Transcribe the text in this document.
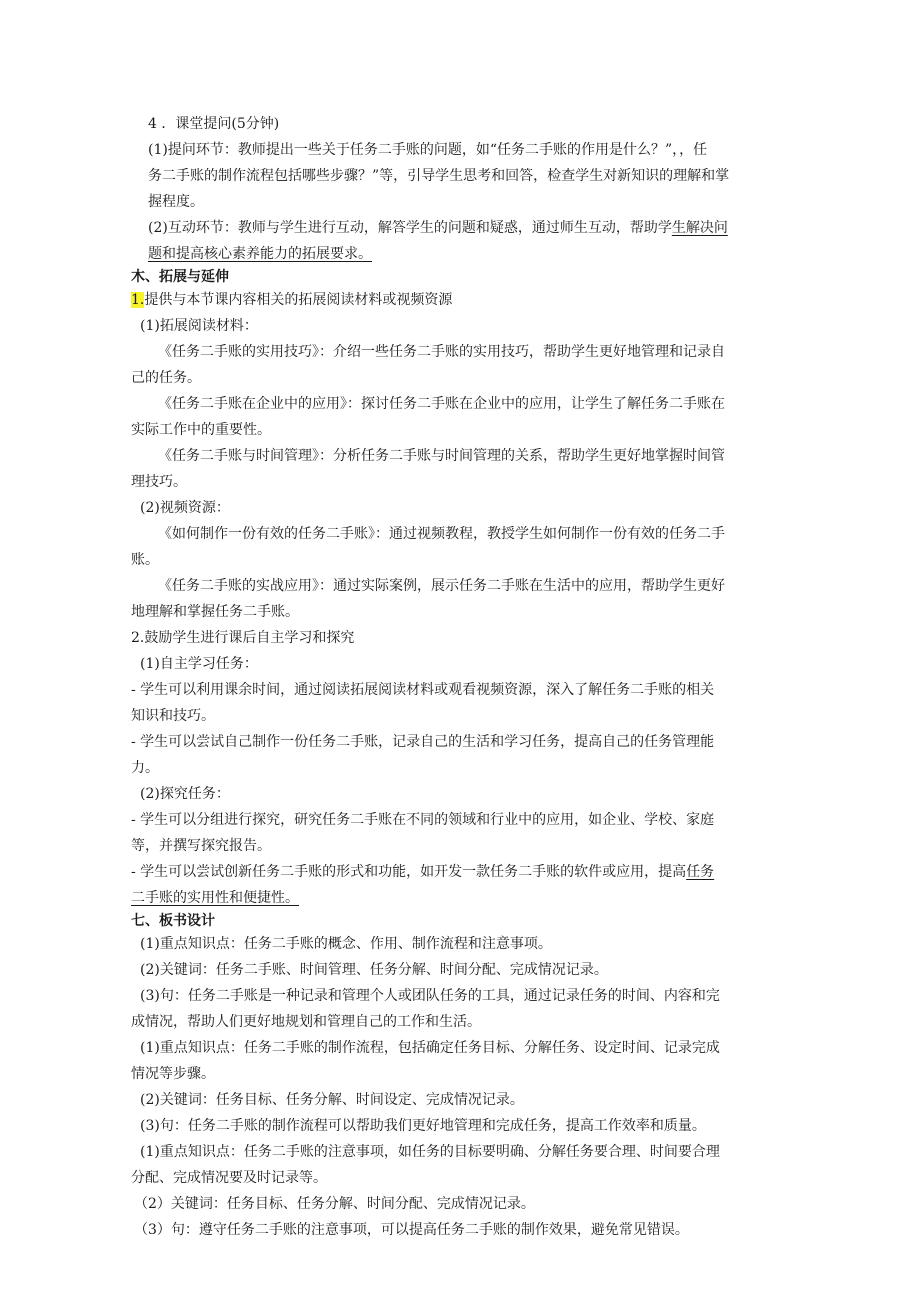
4 ．课堂提问(5分钟)

(1)提问环节：教师提出一些关于任务二手账的问题，如“任务二手账的作用是什么？”，，任

务二手账的制作流程包括哪些步骤？”等，引导学生思考和回答，检查学生对新知识的理解和掌

握程度。

(2)互动环节：教师与学生进行互动，解答学生的问题和疑惑，通过师生互动，帮助学生解决问

题和提高核心素养能力的拓展要求。

木、拓展与延伸

1.提供与本节课内容相关的拓展阅读材料或视频资源

(1)拓展阅读材料：

《任务二手账的实用技巧》：介绍一些任务二手账的实用技巧，帮助学生更好地管理和记录自

己的任务。

《任务二手账在企业中的应用》：探讨任务二手账在企业中的应用，让学生了解任务二手账在

实际工作中的重要性。

《任务二手账与时间管理》：分析任务二手账与时间管理的关系，帮助学生更好地掌握时间管

理技巧。

(2)视频资源：

《如何制作一份有效的任务二手账》：通过视频教程，教授学生如何制作一份有效的任务二手

账。

《任务二手账的实战应用》：通过实际案例，展示任务二手账在生活中的应用，帮助学生更好

地理解和掌握任务二手账。

2.鼓励学生进行课后自主学习和探究

(1)自主学习任务：

- 学生可以利用课余时间，通过阅读拓展阅读材料或观看视频资源，深入了解任务二手账的相关

知识和技巧。

- 学生可以尝试自己制作一份任务二手账，记录自己的生活和学习任务，提高自己的任务管理能

力。

(2)探究任务：

- 学生可以分组进行探究，研究任务二手账在不同的领域和行业中的应用，如企业、学校、家庭

等，并撰写探究报告。

- 学生可以尝试创新任务二手账的形式和功能，如开发一款任务二手账的软件或应用，提高任务

二手账的实用性和便捷性。

七、板书设计

(1)重点知识点：任务二手账的概念、作用、制作流程和注意事项。

(2)关键词：任务二手账、时间管理、任务分解、时间分配、完成情况记录。

(3)句：任务二手账是一种记录和管理个人或团队任务的工具，通过记录任务的时间、内容和完

成情况，帮助人们更好地规划和管理自己的工作和生活。

(1)重点知识点：任务二手账的制作流程，包括确定任务目标、分解任务、设定时间、记录完成

情况等步骤。

(2)关键词：任务目标、任务分解、时间设定、完成情况记录。

(3)句：任务二手账的制作流程可以帮助我们更好地管理和完成任务，提高工作效率和质量。

(1)重点知识点：任务二手账的注意事项，如任务的目标要明确、分解任务要合理、时间要合理

分配、完成情况要及时记录等。

（2）关键词：任务目标、任务分解、时间分配、完成情况记录。

（3）句：遵守任务二手账的注意事项，可以提高任务二手账的制作效果，避免常见错误。
